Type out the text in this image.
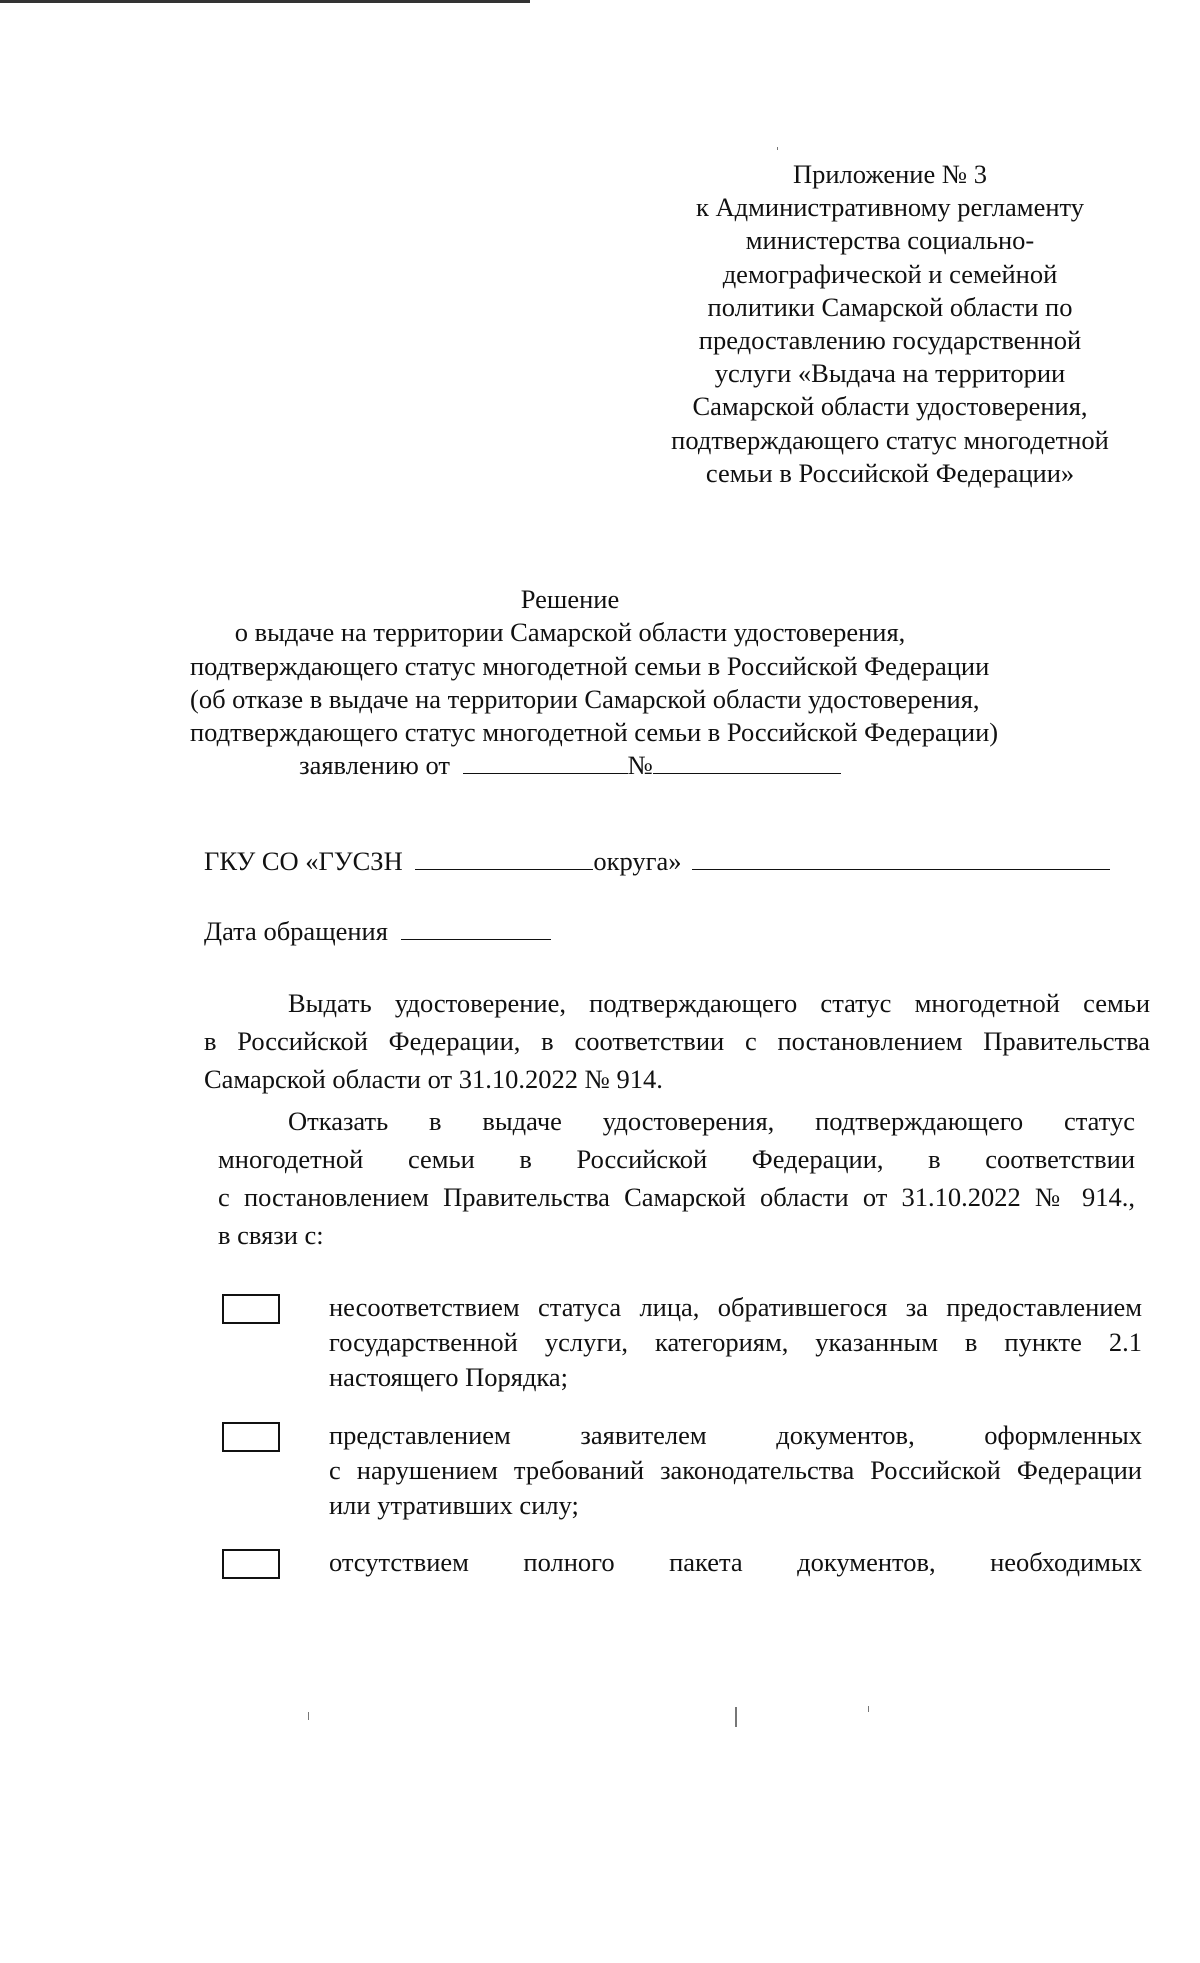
Приложение № 3
к Административному регламенту
министерства социально-
демографической и семейной
политики Самарской области по
предоставлению государственной
услуги «Выдача на территории
Самарской области удостоверения,
подтверждающего статус многодетной
семьи в Российской Федерации»
Решение
о выдаче на территории Самарской области удостоверения,
подтверждающего статус многодетной семьи в Российской Федерации
(об отказе в выдаче на территории Самарской области удостоверения,
подтверждающего статус многодетной семьи в Российской Федерации)
заявлению от	№
ГКУ СО «ГУСЗН	округа»
Дата обращения
Выдать удостоверение, подтверждающего статус многодетной семьи
в Российской Федерации, в соответствии с постановлением Правительства
Самарской области от 31.10.2022 № 914.
Отказать в выдаче удостоверения, подтверждающего статус
многодетной семьи в Российской Федерации, в соответствии
с постановлением Правительства Самарской области от 31.10.2022 № 914.,
в связи с:
несоответствием статуса лица, обратившегося за предоставлением
государственной услуги, категориям, указанным в пункте 2.1
настоящего Порядка;
представлением заявителем документов, оформленных
с нарушением требований законодательства Российской Федерации
или утративших силу;
отсутствием полного пакета документов, необходимых
